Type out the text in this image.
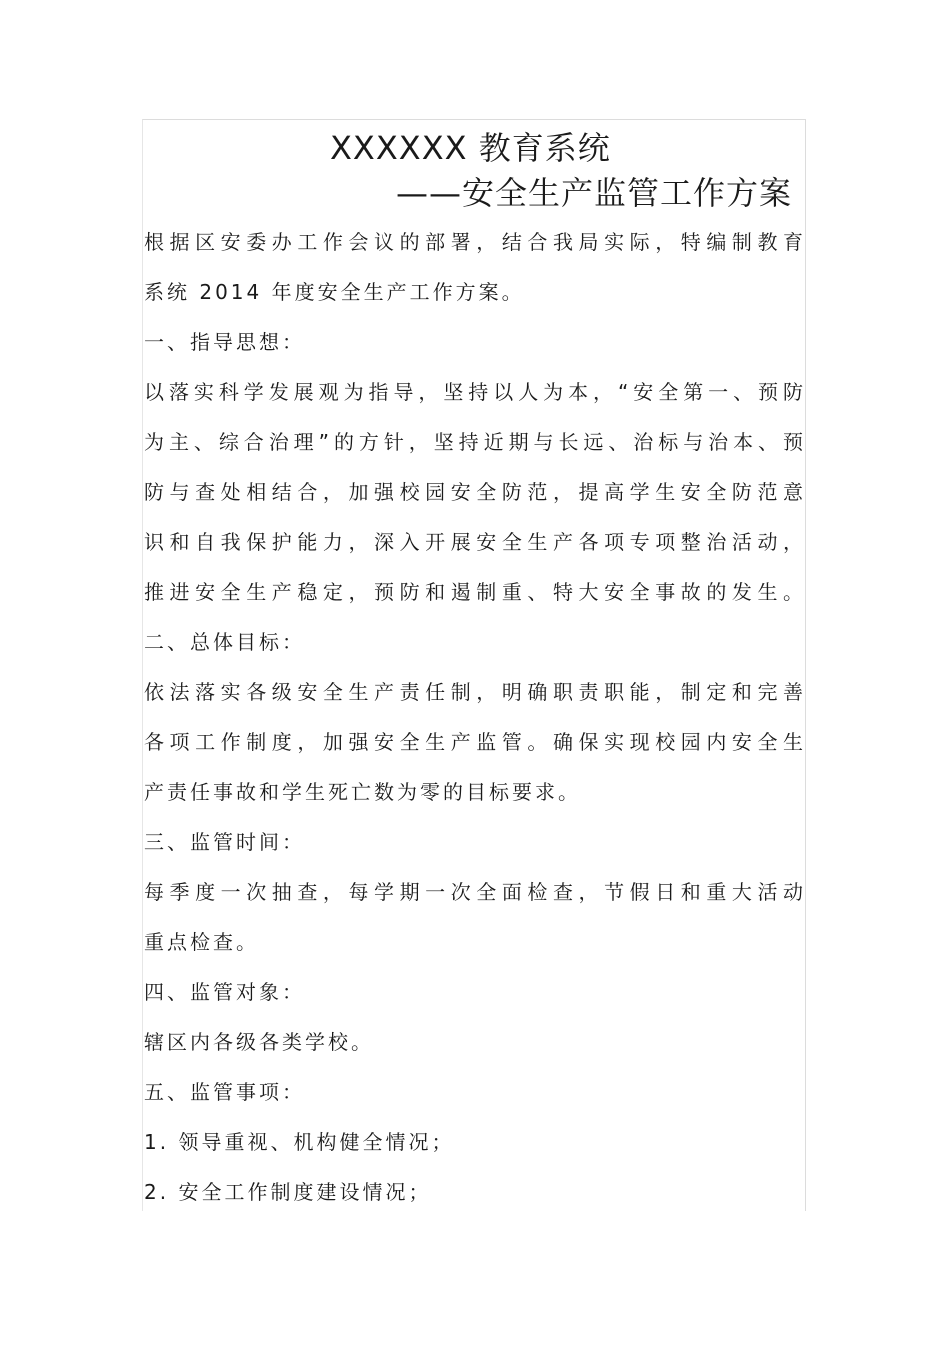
XXXXXX 教育系统
——安全生产监管工作方案
根据区安委办工作会议的部署，结合我局实际，特编制教育
系统 2014 年度安全生产工作方案。
一、指导思想：
以落实科学发展观为指导，坚持以人为本，“安全第一、预防
为主、综合治理”的方针，坚持近期与长远、治标与治本、预
防与查处相结合，加强校园安全防范，提高学生安全防范意
识和自我保护能力，深入开展安全生产各项专项整治活动，
推进安全生产稳定，预防和遏制重、特大安全事故的发生。
二、总体目标：
依法落实各级安全生产责任制，明确职责职能，制定和完善
各项工作制度，加强安全生产监管。确保实现校园内安全生
产责任事故和学生死亡数为零的目标要求。
三、监管时间：
每季度一次抽查，每学期一次全面检查，节假日和重大活动
重点检查。
四、监管对象：
辖区内各级各类学校。
五、监管事项：
1. 领导重视、机构健全情况；
2. 安全工作制度建设情况；
